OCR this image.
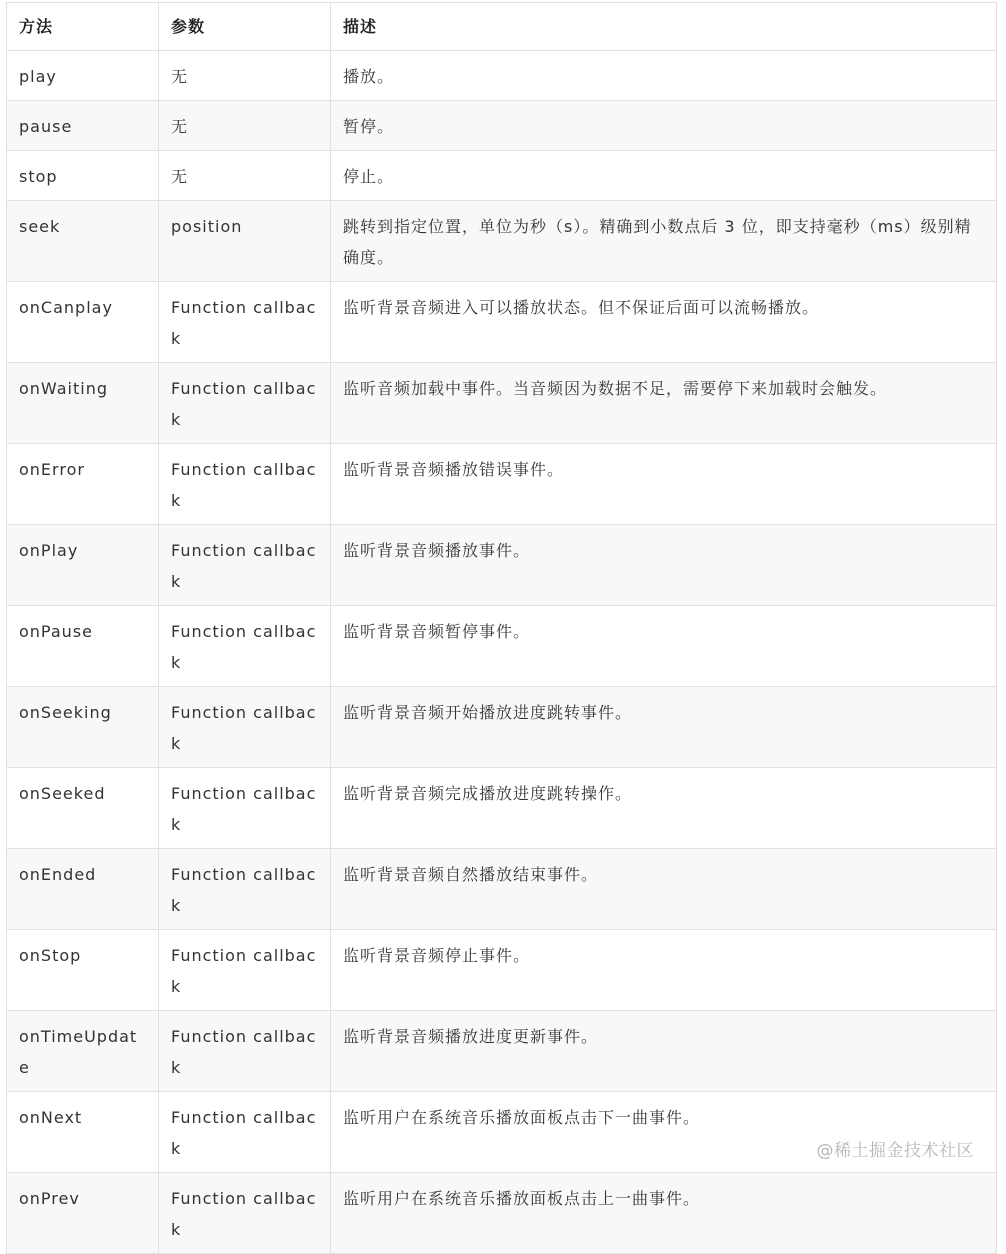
方法	参数	描述
play	无	播放。
pause	无	暂停。
stop	无	停止。
seek	position	跳转到指定位置，单位为秒（s）。精确到小数点后 3 位，即支持毫秒（ms）级别精确度。
onCanplay	Function callback	监听背景音频进入可以播放状态。但不保证后面可以流畅播放。
onWaiting	Function callback	监听音频加载中事件。当音频因为数据不足，需要停下来加载时会触发。
onError	Function callback	监听背景音频播放错误事件。
onPlay	Function callback	监听背景音频播放事件。
onPause	Function callback	监听背景音频暂停事件。
onSeeking	Function callback	监听背景音频开始播放进度跳转事件。
onSeeked	Function callback	监听背景音频完成播放进度跳转操作。
onEnded	Function callback	监听背景音频自然播放结束事件。
onStop	Function callback	监听背景音频停止事件。
onTimeUpdate	Function callback	监听背景音频播放进度更新事件。
onNext	Function callback	监听用户在系统音乐播放面板点击下一曲事件。
onPrev	Function callback	监听用户在系统音乐播放面板点击上一曲事件。
@稀土掘金技术社区
